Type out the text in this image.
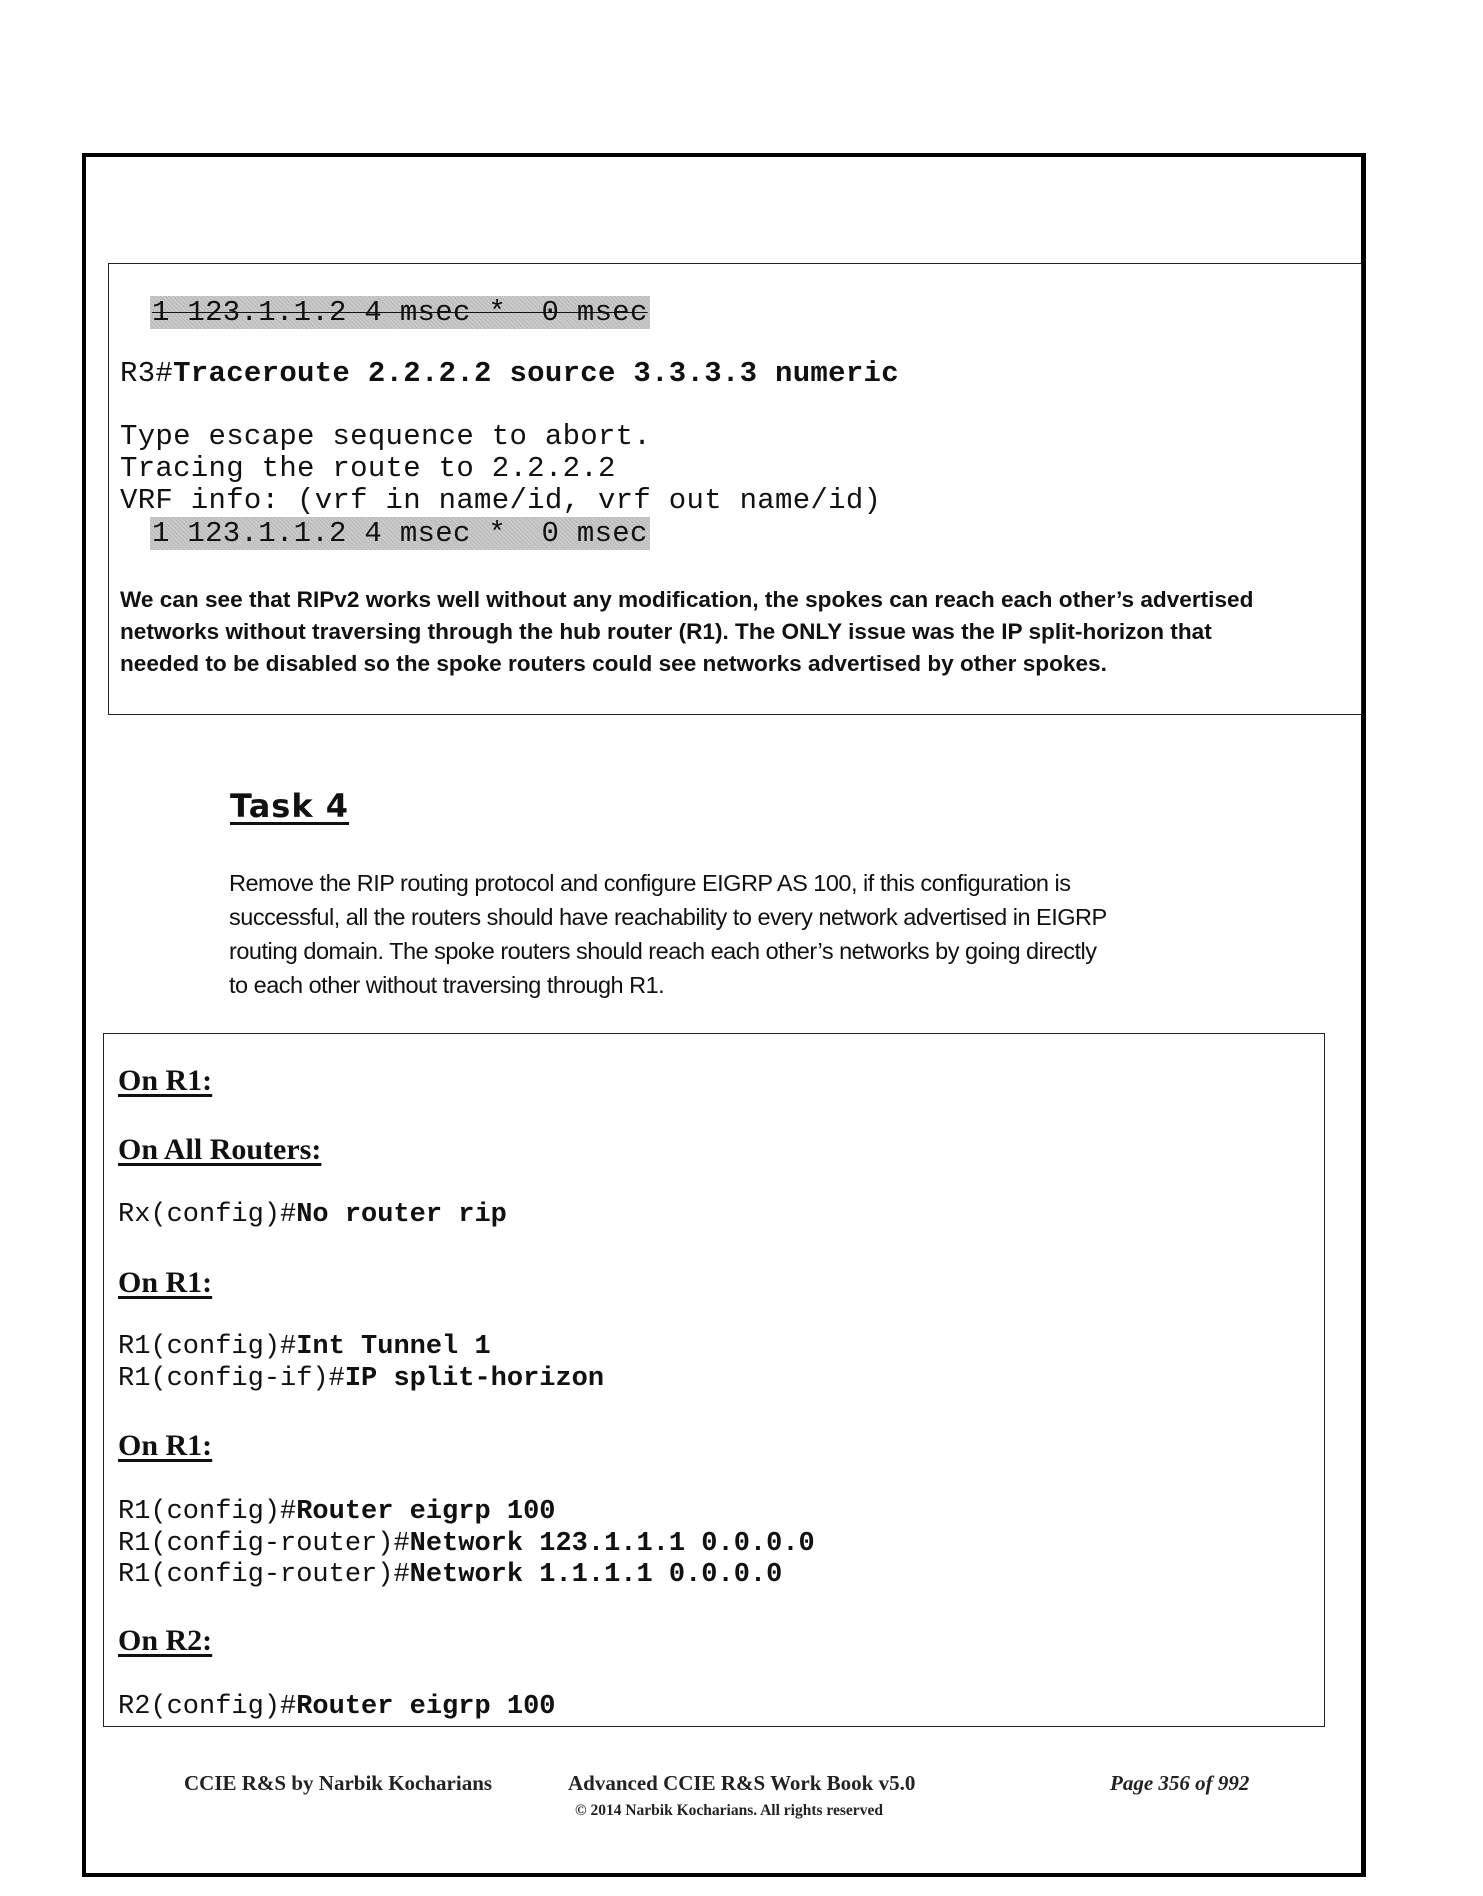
1 123.1.1.2 4 msec *  0 msec
R3#Traceroute 2.2.2.2 source 3.3.3.3 numeric
Type escape sequence to abort.
Tracing the route to 2.2.2.2
VRF info: (vrf in name/id, vrf out name/id)
1 123.1.1.2 4 msec *  0 msec
We can see that RIPv2 works well without any modification, the spokes can reach each other’s advertised
networks without traversing through the hub router (R1). The ONLY issue was the IP split-horizon that
needed to be disabled so the spoke routers could see networks advertised by other spokes.
Task 4
Remove the RIP routing protocol and configure EIGRP AS 100, if this configuration is
successful, all the routers should have reachability to every network advertised in EIGRP
routing domain. The spoke routers should reach each other’s networks by going directly
to each other without traversing through R1.
On R1:
On All Routers:
Rx(config)#No router rip
On R1:
R1(config)#Int Tunnel 1
R1(config-if)#IP split-horizon
On R1:
R1(config)#Router eigrp 100
R1(config-router)#Network 123.1.1.1 0.0.0.0
R1(config-router)#Network 1.1.1.1 0.0.0.0
On R2:
R2(config)#Router eigrp 100
CCIE R&S by Narbik Kocharians	Advanced CCIE R&S Work Book v5.0
© 2014 Narbik Kocharians. All rights reserved
Page 356 of 992
